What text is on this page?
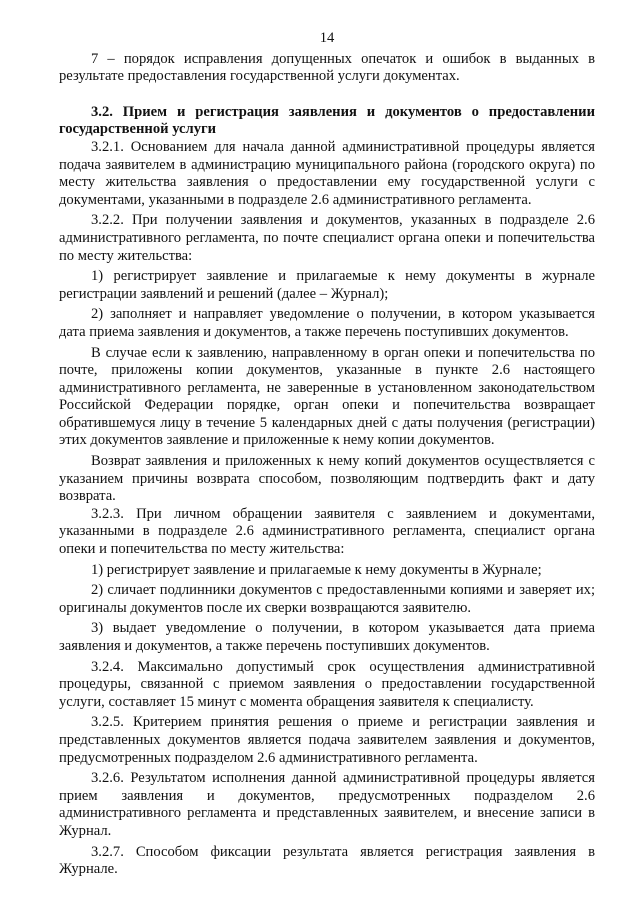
14

7 – порядок исправления допущенных опечаток и ошибок в выданных в результате предоставления государственной услуги документах.

3.2. Прием и регистрация заявления и документов о предоставлении государственной услуги

3.2.1. Основанием для начала данной административной процедуры является подача заявителем в администрацию муниципального района (городского округа) по месту жительства заявления о предоставлении ему государственной услуги с документами, указанными в подразделе 2.6 административного регламента.

3.2.2. При получении заявления и документов, указанных в подразделе 2.6 административного регламента, по почте специалист органа опеки и попечительства по месту жительства:

1) регистрирует заявление и прилагаемые к нему документы в журнале регистрации заявлений и решений (далее – Журнал);

2) заполняет и направляет уведомление о получении, в котором указывается дата приема заявления и документов, а также перечень поступивших документов.

В случае если к заявлению, направленному в орган опеки и попечительства по почте, приложены копии документов, указанные в пункте 2.6 настоящего административного регламента, не заверенные в установленном законодательством Российской Федерации порядке, орган опеки и попечительства возвращает обратившемуся лицу в течение 5 календарных дней с даты получения (регистрации) этих документов заявление и приложенные к нему копии документов.

Возврат заявления и приложенных к нему копий документов осуществляется с указанием причины возврата способом, позволяющим подтвердить факт и дату возврата.

3.2.3. При личном обращении заявителя с заявлением и документами, указанными в подразделе 2.6 административного регламента, специалист органа опеки и попечительства по месту жительства:

1) регистрирует заявление и прилагаемые к нему документы в Журнале;

2) сличает подлинники документов с предоставленными копиями и заверяет их; оригиналы документов после их сверки возвращаются заявителю.

3) выдает уведомление о получении, в котором указывается дата приема заявления и документов, а также перечень поступивших документов.

3.2.4. Максимально допустимый срок осуществления административной процедуры, связанной с приемом заявления о предоставлении государственной услуги, составляет 15 минут с момента обращения заявителя к специалисту.

3.2.5. Критерием принятия решения о приеме и регистрации заявления и представленных документов является подача заявителем заявления и документов, предусмотренных подразделом 2.6 административного регламента.

3.2.6. Результатом исполнения данной административной процедуры является прием заявления и документов, предусмотренных подразделом 2.6 административного регламента и представленных заявителем, и внесение записи в Журнал.

3.2.7. Способом фиксации результата является регистрация заявления в Журнале.
